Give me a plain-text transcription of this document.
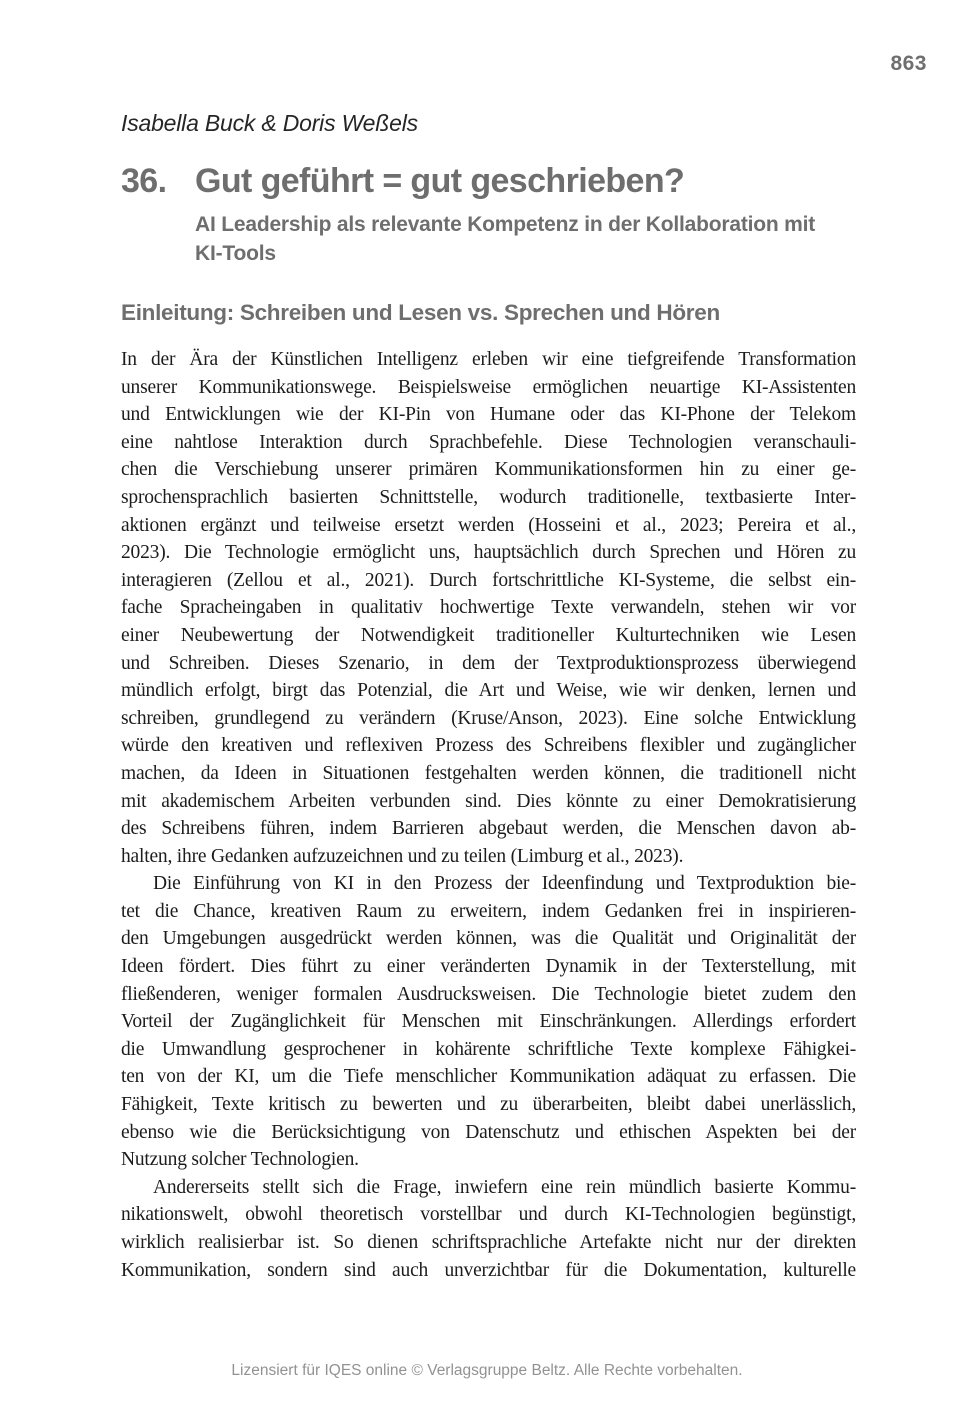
863
Isabella Buck & Doris Weßels
36. Gut geführt = gut geschrieben?
AI Leadership als relevante Kompetenz in der Kollaboration mit
KI-Tools
Einleitung: Schreiben und Lesen vs. Sprechen und Hören
In der Ära der Künstlichen Intelligenz erleben wir eine tiefgreifende Transformation
unserer Kommunikationswege. Beispielsweise ermöglichen neuartige KI-Assistenten
und Entwicklungen wie der KI-Pin von Humane oder das KI-Phone der Telekom
eine nahtlose Interaktion durch Sprachbefehle. Diese Technologien veranschauli-
chen die Verschiebung unserer primären Kommunikationsformen hin zu einer ge-
sprochensprachlich basierten Schnittstelle, wodurch traditionelle, textbasierte Inter-
aktionen ergänzt und teilweise ersetzt werden (Hosseini et al., 2023; Pereira et al.,
2023). Die Technologie ermöglicht uns, hauptsächlich durch Sprechen und Hören zu
interagieren (Zellou et al., 2021). Durch fortschrittliche KI-Systeme, die selbst ein-
fache Spracheingaben in qualitativ hochwertige Texte verwandeln, stehen wir vor
einer Neubewertung der Notwendigkeit traditioneller Kulturtechniken wie Lesen
und Schreiben. Dieses Szenario, in dem der Textproduktionsprozess überwiegend
mündlich erfolgt, birgt das Potenzial, die Art und Weise, wie wir denken, lernen und
schreiben, grundlegend zu verändern (Kruse/Anson, 2023). Eine solche Entwicklung
würde den kreativen und reflexiven Prozess des Schreibens flexibler und zugänglicher
machen, da Ideen in Situationen festgehalten werden können, die traditionell nicht
mit akademischem Arbeiten verbunden sind. Dies könnte zu einer Demokratisierung
des Schreibens führen, indem Barrieren abgebaut werden, die Menschen davon ab-
halten, ihre Gedanken aufzuzeichnen und zu teilen (Limburg et al., 2023).
Die Einführung von KI in den Prozess der Ideenfindung und Textproduktion bie-
tet die Chance, kreativen Raum zu erweitern, indem Gedanken frei in inspirieren-
den Umgebungen ausgedrückt werden können, was die Qualität und Originalität der
Ideen fördert. Dies führt zu einer veränderten Dynamik in der Texterstellung, mit
fließenderen, weniger formalen Ausdrucksweisen. Die Technologie bietet zudem den
Vorteil der Zugänglichkeit für Menschen mit Einschränkungen. Allerdings erfordert
die Umwandlung gesprochener in kohärente schriftliche Texte komplexe Fähigkei-
ten von der KI, um die Tiefe menschlicher Kommunikation adäquat zu erfassen. Die
Fähigkeit, Texte kritisch zu bewerten und zu überarbeiten, bleibt dabei unerlässlich,
ebenso wie die Berücksichtigung von Datenschutz und ethischen Aspekten bei der
Nutzung solcher Technologien.
Andererseits stellt sich die Frage, inwiefern eine rein mündlich basierte Kommu-
nikationswelt, obwohl theoretisch vorstellbar und durch KI-Technologien begünstigt,
wirklich realisierbar ist. So dienen schriftsprachliche Artefakte nicht nur der direkten
Kommunikation, sondern sind auch unverzichtbar für die Dokumentation, kulturelle
Lizensiert für IQES online © Verlagsgruppe Beltz. Alle Rechte vorbehalten.
